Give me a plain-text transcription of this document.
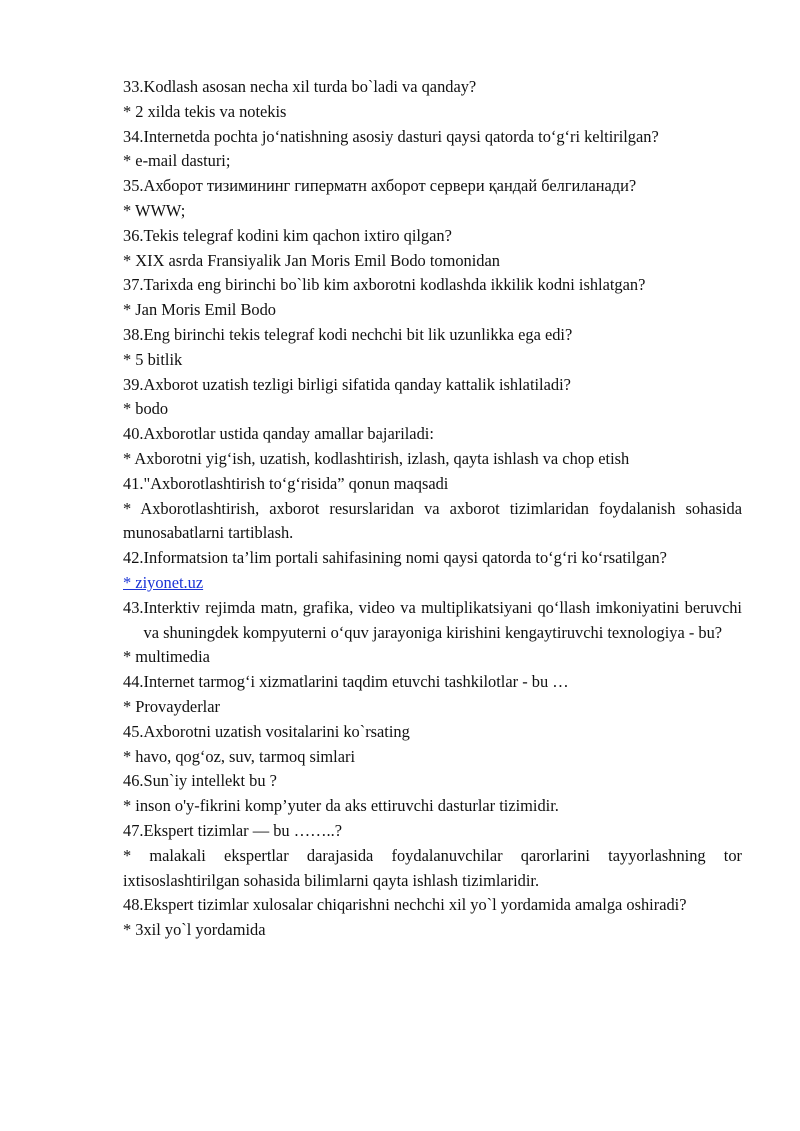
33. Kodlash asosan necha xil turda bo`ladi va qanday?

* 2 xilda tekis va notekis

34. Internetda pochta jo‘natishning asosiy dasturi qaysi qatorda to‘g‘ri keltirilgan?

* e-mail dasturi;

35. Ахборот тизимининг гиперматн ахборот сервери қандай белгиланади?

* WWW;

36. Tekis telegraf kodini kim qachon ixtiro qilgan?

* XIX asrda Fransiyalik Jan Moris Emil Bodo tomonidan

37. Tarixda eng birinchi bo`lib kim axborotni kodlashda ikkilik kodni ishlatgan?

* Jan Moris Emil Bodo

38. Eng birinchi tekis telegraf kodi nechchi bit lik uzunlikka ega edi?

* 5 bitlik

39. Axborot uzatish tezligi birligi sifatida qanday kattalik ishlatiladi?

* bodo

40. Axborotlar ustida qanday amallar bajariladi:

* Axborotni yig‘ish, uzatish, kodlashtirish, izlash, qayta ishlash va chop etish

41. "Axborotlashtirish to‘g‘risida” qonun maqsadi

* Axborotlashtirish, axborot resurslaridan va axborot tizimlaridan foydalanish sohasida munosabatlarni tartiblash.

42. Informatsion ta’lim portali sahifasining nomi qaysi qatorda to‘g‘ri ko‘rsatilgan?

* ziyonet.uz

43. Interktiv rejimda matn, grafika, video va multiplikatsiyani qo‘llash imkoniyatini beruvchi va shuningdek kompyuterni o‘quv jarayoniga kirishini kengaytiruvchi texnologiya - bu?

* multimedia

44. Internet tarmog‘i xizmatlarini taqdim etuvchi tashkilotlar - bu …

* Provayderlar

45. Axborotni uzatish vositalarini ko`rsating

* havo, qog‘oz, suv, tarmoq simlari

46. Sun`iy intellekt bu ?

* inson o'y-fikrini komp’yuter da aks ettiruvchi dasturlar tizimidir.

47. Ekspert tizimlar — bu ……..?

* malakali ekspertlar darajasida foydalanuvchilar qarorlarini tayyorlashning tor ixtisoslashtirilgan sohasida bilimlarni qayta ishlash tizimlaridir.

48. Ekspert tizimlar xulosalar chiqarishni nechchi xil yo`l yordamida amalga oshiradi?

* 3xil yo`l yordamida
